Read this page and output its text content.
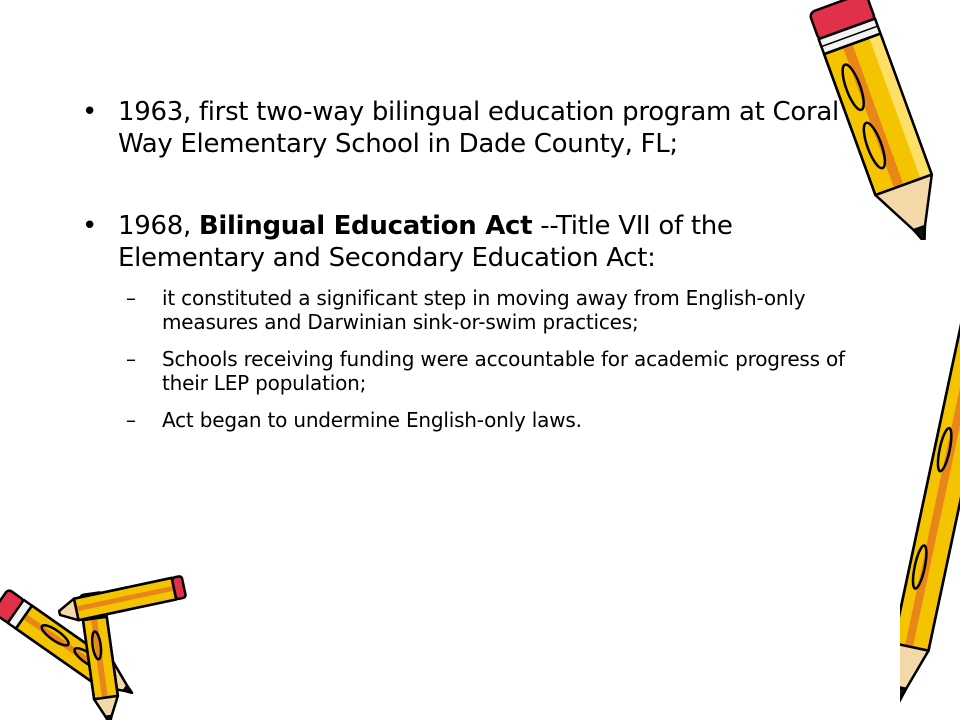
• 1963, first two-way bilingual education program at Coral Way Elementary School in Dade County, FL;
• 1968, Bilingual Education Act --Title VII of the Elementary and Secondary Education Act:
– it constituted a significant step in moving away from English-only measures and Darwinian sink-or-swim practices;
– Schools receiving funding were accountable for academic progress of their LEP population;
– Act began to undermine English-only laws.
